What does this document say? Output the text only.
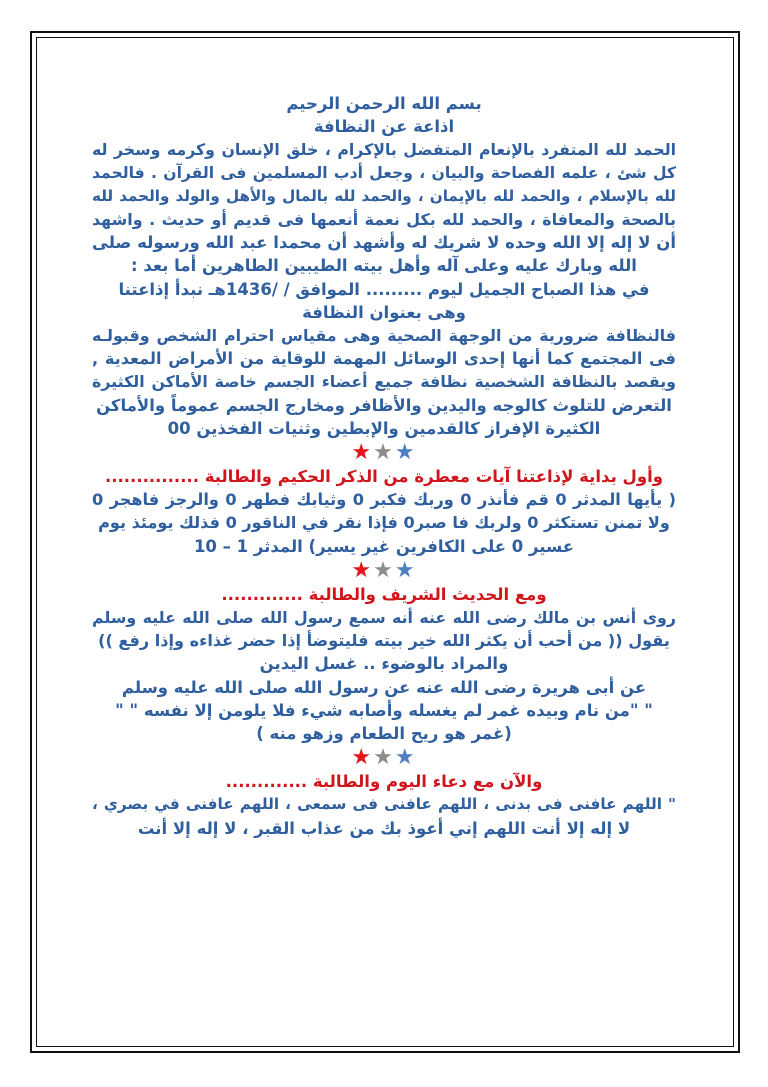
بسم الله الرحمن الرحيم
اذاعة عن النظافة
الحمد لله المتفرد بالإنعام المتفضل بالإكرام ، خلق الإنسان وكرمه وسخر له
كل شئ ، علمه الفصاحة والبيان ، وجعل أدب المسلمين فى القرآن . فالحمد
لله بالإسلام ، والحمد لله بالإيمان ، والحمد لله بالمال والأهل والولد والحمد لله
بالصحة والمعافاة ، والحمد لله بكل نعمة أنعمها فى قديم أو حديث . واشهد
أن لا إله إلا الله وحده لا شريك له وأشهد أن محمدا عبد الله ورسوله صلى
الله وبارك عليه وعلى آله وأهل بيته الطيبين الطاهرين أما بعد :
في هذا الصباح الجميل ليوم ......... الموافق / /1436هـ نبدأ إذاعتنا
وهى بعنوان النظافة
فالنظافة ضرورية من الوجهة الصحية وهى مقياس احترام الشخص وقبولـه
فى المجتمع كما أنها إحدى الوسائل المهمة للوقاية من الأمراض المعدية ,
ويقصد بالنظافة الشخصية نظافة جميع أعضاء الجسم خاصة الأماكن الكثيرة
التعرض للتلوث كالوجه واليدين والأظافر ومخارج الجسم عموماً والأماكن
الكثيرة الإفراز كالقدمين والإبطين وثنيات الفخذين 00
★★★
وأول بداية لإذاعتنا آيات معطرة من الذكر الحكيم والطالبة ...............
( يأيها المدثر 0 قم فأنذر 0 وربك فكبر 0 وثيابك فطهر 0 والرجز فاهجر 0
ولا تمنن تستكثر 0 ولربك فا صبر0 فإذا نقر في الناقور 0 فذلك يومئذ يوم
عسير 0 على الكافرين غير يسير) المدثر 1 – 10
★★★
ومع الحديث الشريف والطالبة .............
روى أنس بن مالك رضى الله عنه أنه سمع رسول الله صلى الله عليه وسلم
يقول (( من أحب أن يكثر الله خير بيته فليتوضأ إذا حضر غذاءه وإذا رفع ))
والمراد بالوضوء .. غسل اليدين
عن أبى هريرة رضى الله عنه عن رسول الله صلى الله عليه وسلم
" "من نام وبيده غمر لم يغسله وأصابه شيء فلا يلومن إلا نفسه " "
(غمر هو ريح الطعام وزهو منه )
★★★
والآن مع دعاء اليوم والطالبة .............
" اللهم عافنى فى بدنى ، اللهم عافنى فى سمعى ، اللهم عافنى في بصري ،
لا إله إلا أنت اللهم إني أعوذ بك من عذاب القبر ، لا إله إلا أنت
